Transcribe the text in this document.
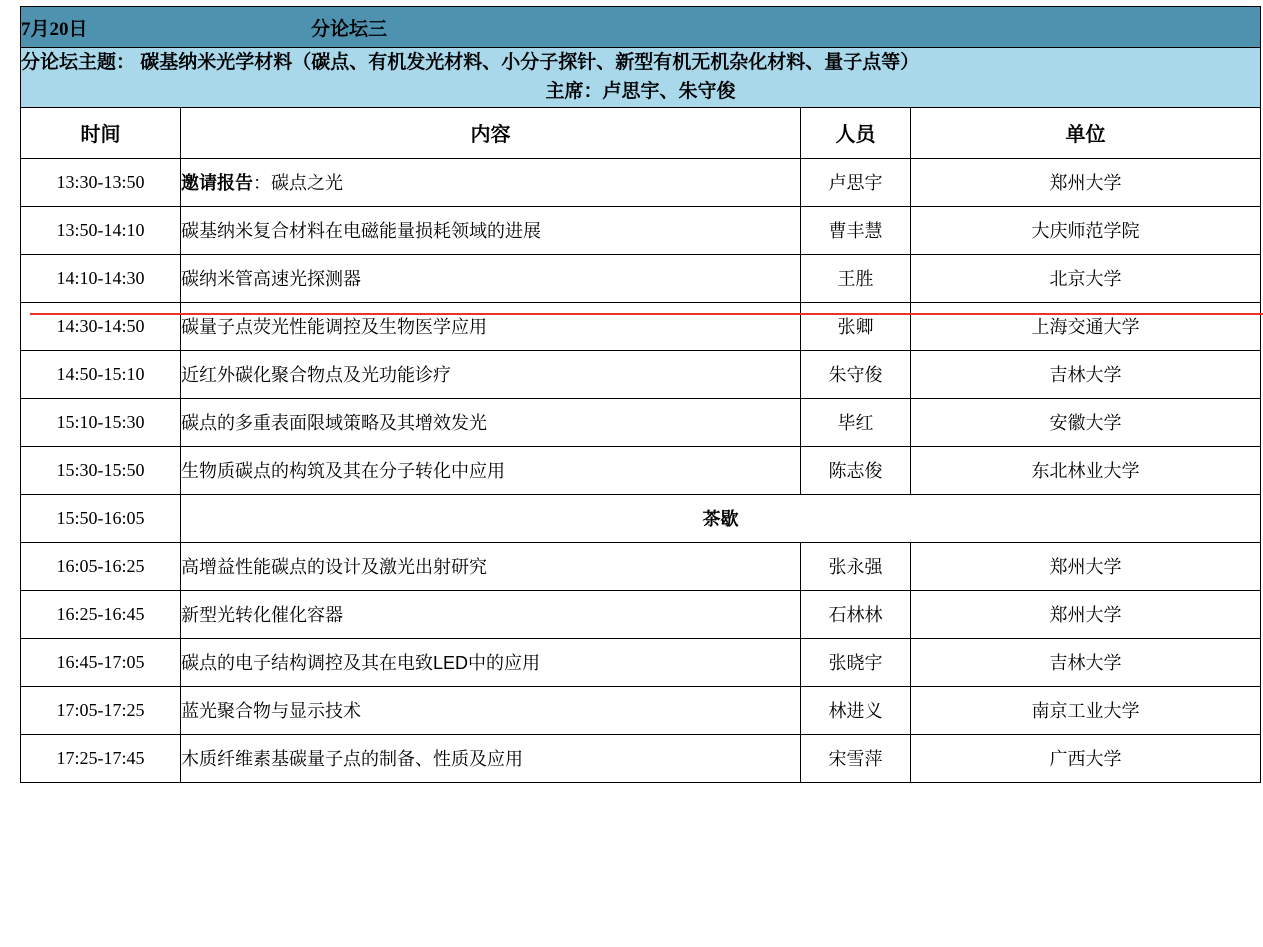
7月20日 分论坛三			

分论坛主题： 碳基纳米光学材料（碳点、有机发光材料、小分子探针、新型有机无机杂化材料、量子点等）
主席：卢思宇、朱守俊			

时间	内容	人员	单位
13:30-13:50	邀请报告：碳点之光	卢思宇	郑州大学
13:50-14:10	碳基纳米复合材料在电磁能量损耗领域的进展	曹丰慧	大庆师范学院
14:10-14:30	碳纳米管高速光探测器	王胜	北京大学
14:30-14:50	碳量子点荧光性能调控及生物医学应用	张卿	上海交通大学
14:50-15:10	近红外碳化聚合物点及光功能诊疗	朱守俊	吉林大学
15:10-15:30	碳点的多重表面限域策略及其增效发光	毕红	安徽大学
15:30-15:50	生物质碳点的构筑及其在分子转化中应用	陈志俊	东北林业大学
15:50-16:05	茶歇		
16:05-16:25	高增益性能碳点的设计及激光出射研究	张永强	郑州大学
16:25-16:45	新型光转化催化容器	石林林	郑州大学
16:45-17:05	碳点的电子结构调控及其在电致LED中的应用	张晓宇	吉林大学
17:05-17:25	蓝光聚合物与显示技术	林进义	南京工业大学
17:25-17:45	木质纤维素基碳量子点的制备、性质及应用	宋雪萍	广西大学
